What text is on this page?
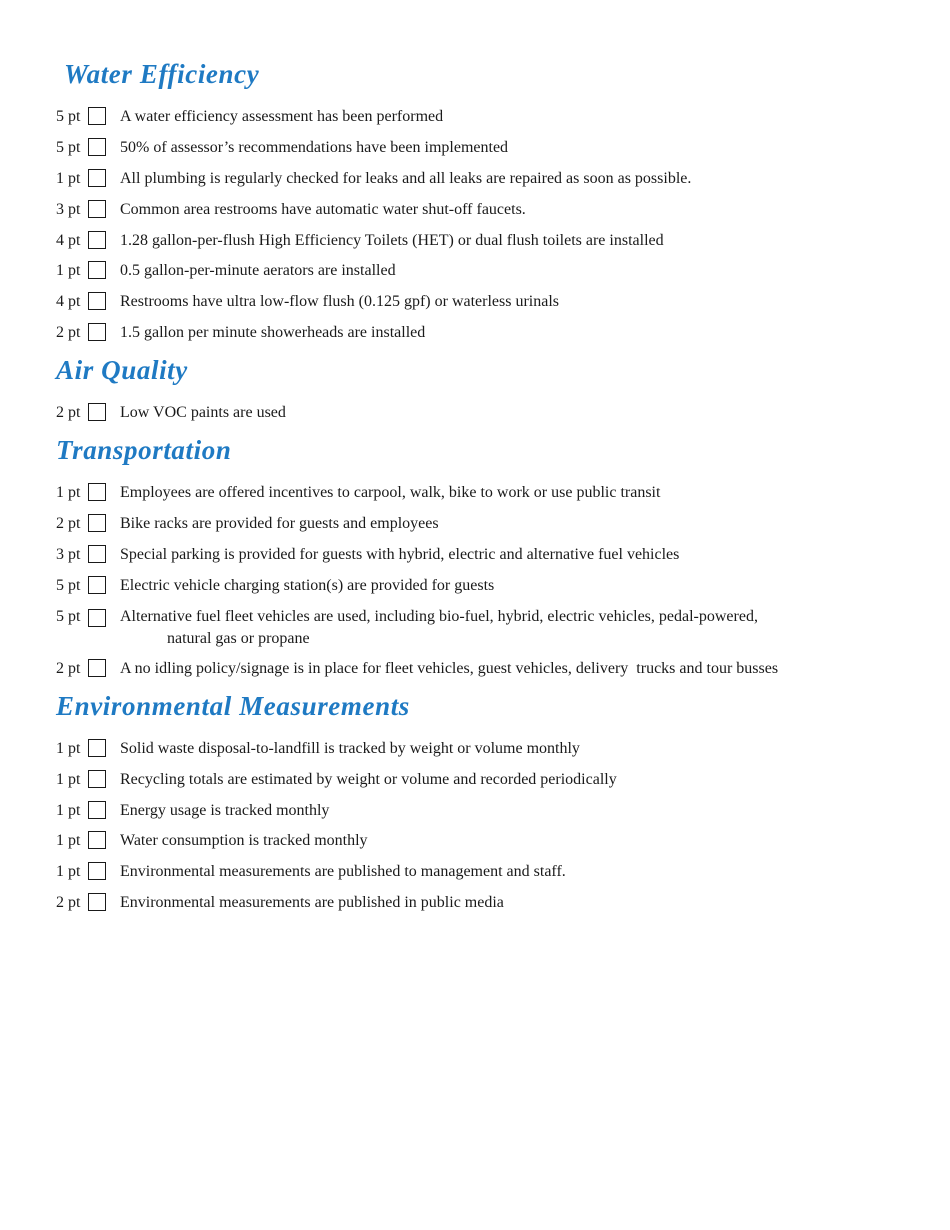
Water Efficiency
5 pt A water efficiency assessment has been performed
5 pt 50% of assessor’s recommendations have been implemented
1 pt All plumbing is regularly checked for leaks and all leaks are repaired as soon as possible.
3 pt Common area restrooms have automatic water shut-off faucets.
4 pt 1.28 gallon-per-flush High Efficiency Toilets (HET) or dual flush toilets are installed
1 pt 0.5 gallon-per-minute aerators are installed
4 pt Restrooms have ultra low-flow flush (0.125 gpf) or waterless urinals
2 pt 1.5 gallon per minute showerheads are installed
Air Quality
2 pt Low VOC paints are used
Transportation
1 pt Employees are offered incentives to carpool, walk, bike to work or use public transit
2 pt Bike racks are provided for guests and employees
3 pt Special parking is provided for guests with hybrid, electric and alternative fuel vehicles
5 pt Electric vehicle charging station(s) are provided for guests
5 pt Alternative fuel fleet vehicles are used, including bio-fuel, hybrid, electric vehicles, pedal-powered,
natural gas or propane
2 pt A no idling policy/signage is in place for fleet vehicles, guest vehicles, delivery  trucks and tour busses
Environmental Measurements
1 pt Solid waste disposal-to-landfill is tracked by weight or volume monthly
1 pt Recycling totals are estimated by weight or volume and recorded periodically
1 pt Energy usage is tracked monthly
1 pt Water consumption is tracked monthly
1 pt Environmental measurements are published to management and staff.
2 pt Environmental measurements are published in public media
